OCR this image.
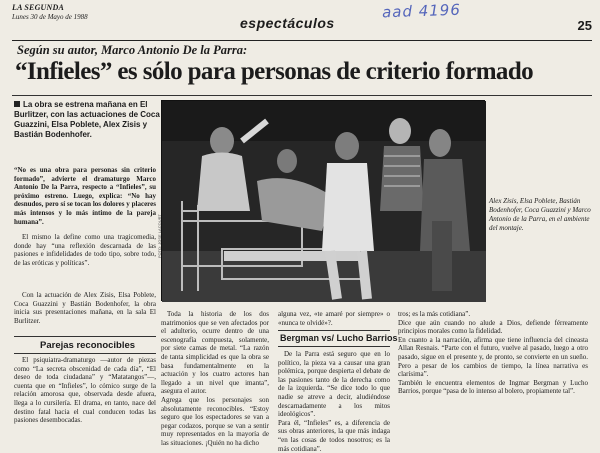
LA SEGUNDA
Lunes 30 de Mayo de 1988	espectáculos
aad 4196
25
Según su autor, Marco Antonio De la Parra:
“Infieles” es sólo para personas de criterio formado
La obra se estrena mañana en El Burlitzer, con las actuaciones de Coca Guazzini, Elsa Poblete, Alex Zisis y Bastián Bodenhofer.
“No es una obra para personas sin criterio formado”, advierte el dramaturgo Marco Antonio De la Parra, respecto a “Infieles”, su próximo estreno. Luego, explica: “No hay desnudos, pero sí se tocan los dolores y placeres más intensos y lo más íntimo de la pareja humana”.
El mismo la define como una tragicomedia, donde hay “una reflexión descarnada de las pasiones e infidelidades de todo tipo, sobre todo, de las eróticas y políticas”.
Con la actuación de Alex Zisis, Elsa Poblete, Coca Guazzini y Bastián Bodenhofer, la obra inicia sus presentaciones mañana, en la sala El Burlitzer.
Parejas reconocibles
El psiquiatra-dramaturgo —autor de piezas como “La secreta obscenidad de cada día”, “El deseo de toda ciudadana” y “Matatangos”—, cuenta que en “Infieles”, lo cómico surge de la relación amorosa que, observada desde afuera, llega a lo cursilería. El drama, en tanto, nace del destino fatal hacia el cual conducen todas las pasiones desembocadas.
FOTO: JOSE LACOURT
Alex Zisis, Elsa Poblete, Bastián Bodenhofer, Coca Guazzini y Marco Antonio de la Parra, en el ambiente del montaje.
Toda la historia de los dos matrimonios que se ven afectados por el adulterio, ocurre dentro de una escenografía compuesta, solamente, por siete camas de metal. “La razón de tanta simplicidad es que la obra se basa fundamentalmente en la actuación y los cuatro actores han llegado a un nivel que imanta”, asegura el autor.
Agrega que los personajes son absolutamente reconocibles. “Estoy seguro que los espectadores se van a pegar codazos, porque se van a sentir muy representados en la mayoría de las situaciones. ¡Quién no ha dicho
alguna vez, «te amaré por siempre» o «nunca te olvidé»?.
Bergman vs/ Lucho Barrios
De la Parra está seguro que en lo político, la pieza va a causar una gran polémica, porque despierta el debate de las pasiones tanto de la derecha como de la izquierda. “Se dice todo lo que nadie se atreve a decir, aludiéndose descarnadamente a los mitos ideológicos”.
Para él, “Infieles” es, a diferencia de sus obras anteriores, la que más indaga “en las cosas de todos nosotros; es la más cotidiana”.
tros; es la más cotidiana”.
Dice que aún cuando no alude a Dios, defiende férreamente principios morales como la fidelidad.
En cuanto a la narración, afirma que tiene influencia del cineasta Allan Resnais. “Parte con el futuro, vuelve al pasado, luego a otro pasado, sigue en el presente y, de pronto, se convierte en un sueño. Pero a pesar de los cambios de tiempo, la línea narrativa es clarísima”.
También le encuentra elementos de Ingmar Bergman y Lucho Barrios, porque “pasa de lo intenso al bolero, propiamente tal”.
